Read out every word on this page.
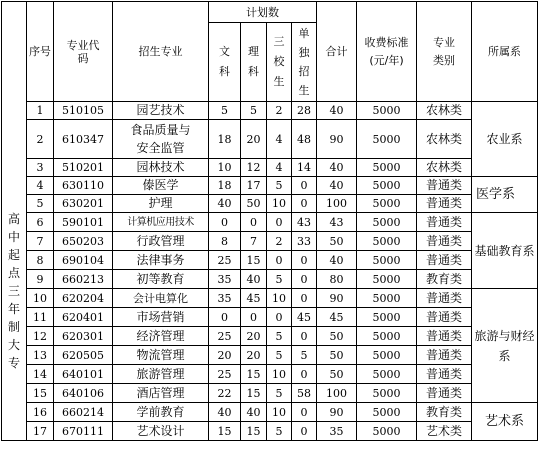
高中起点三年制大专	序号	专业代码	招生专业	计划数				合计	收费标准(元/年)	专业类别	所属系
				文科	理科	三校生	单独招生				
	1	510105	园艺技术	5	5	2	28	40	5000	农林类	农业系
	2	610347	食品质量与安全监管	18	20	4	48	90	5000	农林类	
	3	510201	园林技术	10	12	4	14	40	5000	农林类	
	4	630110	傣医学	18	17	5	0	40	5000	普通类	医学系
	5	630201	护理	40	50	10	0	100	5000	普通类	
	6	590101	计算机应用技术	0	0	0	43	43	5000	普通类	基础教育系
	7	650203	行政管理	8	7	2	33	50	5000	普通类	
	8	690104	法律事务	25	15	0	0	40	5000	普通类	
	9	660213	初等教育	35	40	5	0	80	5000	教育类	
	10	620204	会计电算化	35	45	10	0	90	5000	普通类	旅游与财经系
	11	620401	市场营销	0	0	0	45	45	5000	普通类	
	12	620301	经济管理	25	20	5	0	50	5000	普通类	
	13	620505	物流管理	20	20	5	5	50	5000	普通类	
	14	640101	旅游管理	25	15	10	0	50	5000	普通类	
	15	640106	酒店管理	22	15	5	58	100	5000	普通类	
	16	660214	学前教育	40	40	10	0	90	5000	教育类	艺术系
	17	670111	艺术设计	15	15	5	0	35	5000	艺术类	
